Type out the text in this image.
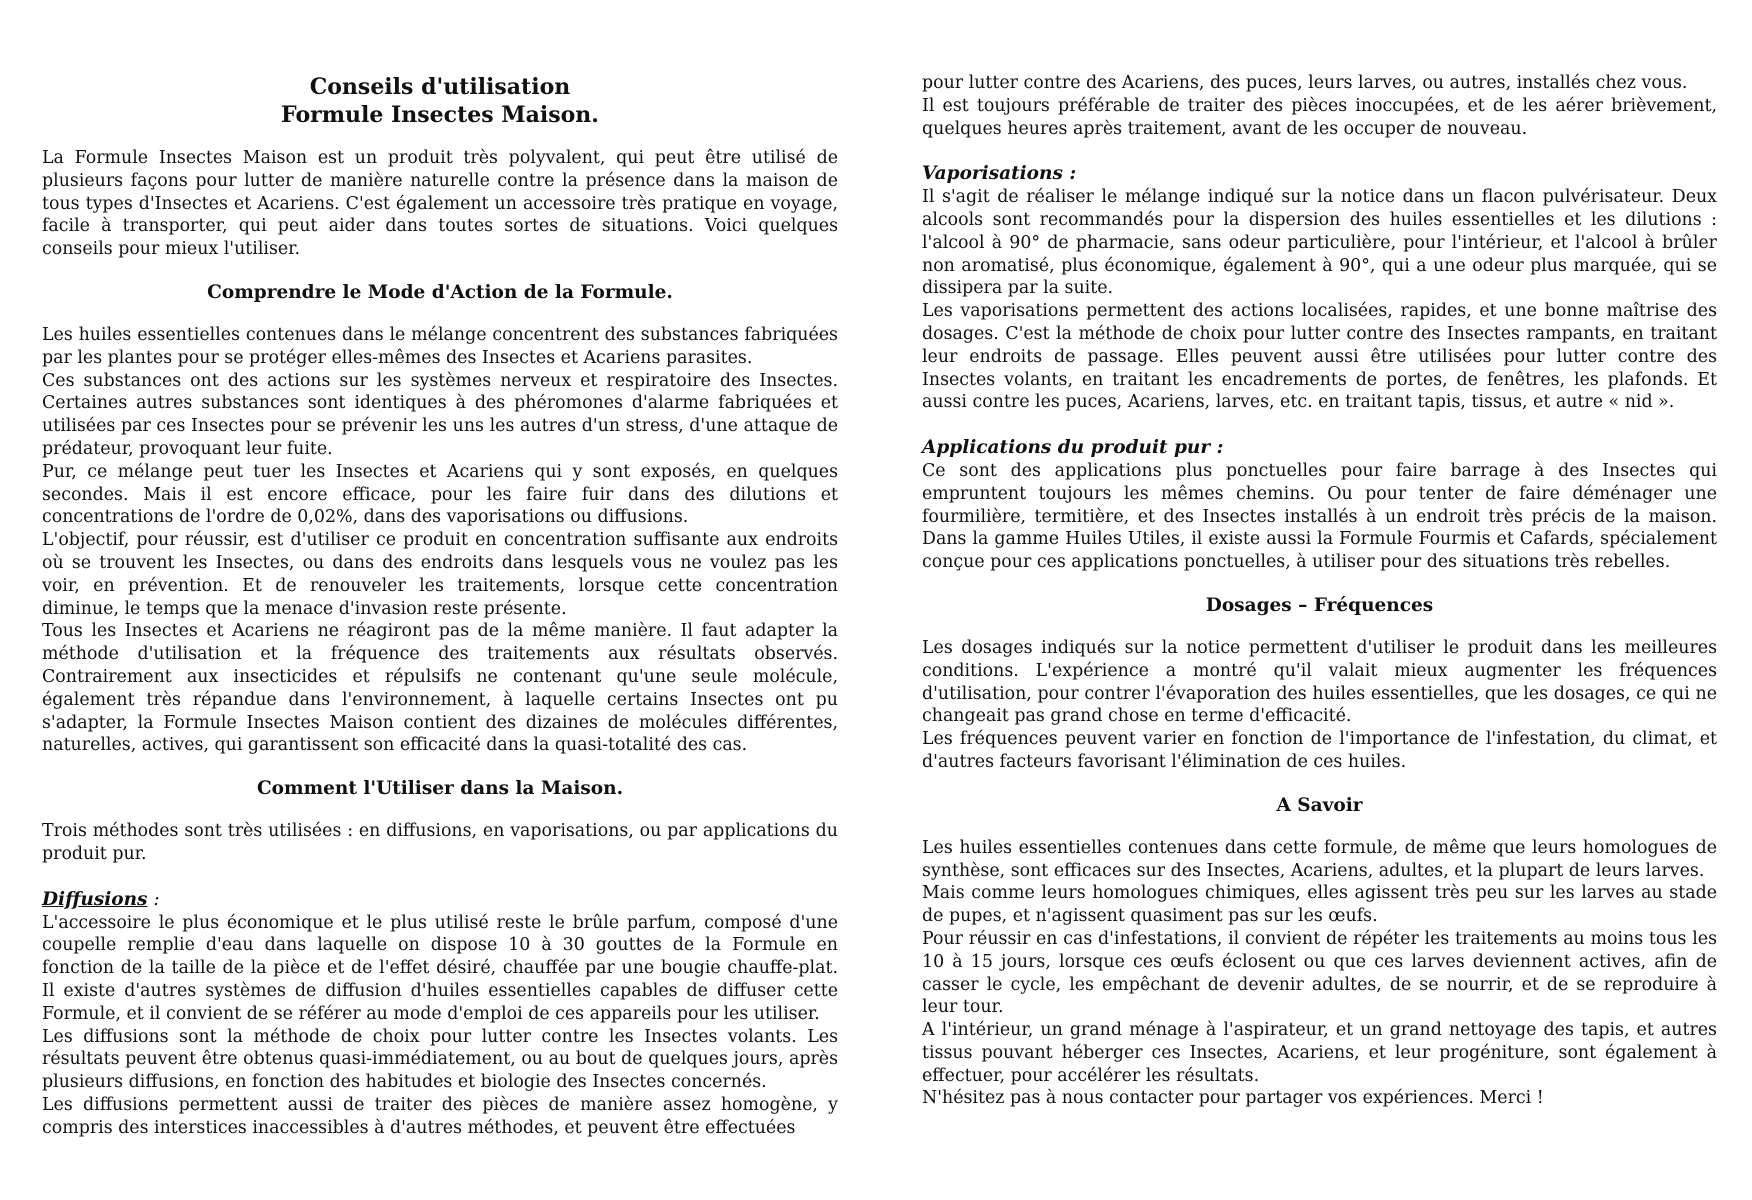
Conseils d'utilisation
Formule Insectes Maison.

La Formule Insectes Maison est un produit très polyvalent, qui peut être utilisé de plusieurs façons pour lutter de manière naturelle contre la présence dans la maison de tous types d'Insectes et Acariens. C'est également un accessoire très pratique en voyage, facile à transporter, qui peut aider dans toutes sortes de situations. Voici quelques conseils pour mieux l'utiliser.

Comprendre le Mode d'Action de la Formule.

Les huiles essentielles contenues dans le mélange concentrent des substances fabriquées par les plantes pour se protéger elles-mêmes des Insectes et Acariens parasites.

Ces substances ont des actions sur les systèmes nerveux et respiratoire des Insectes. Certaines autres substances sont identiques à des phéromones d'alarme fabriquées et utilisées par ces Insectes pour se prévenir les uns les autres d'un stress, d'une attaque de prédateur, provoquant leur fuite.

Pur, ce mélange peut tuer les Insectes et Acariens qui y sont exposés, en quelques secondes. Mais il est encore efficace, pour les faire fuir dans des dilutions et concentrations de l'ordre de 0,02%, dans des vaporisations ou diffusions.

L'objectif, pour réussir, est d'utiliser ce produit en concentration suffisante aux endroits où se trouvent les Insectes, ou dans des endroits dans lesquels vous ne voulez pas les voir, en prévention. Et de renouveler les traitements, lorsque cette concentration diminue, le temps que la menace d'invasion reste présente.

Tous les Insectes et Acariens ne réagiront pas de la même manière. Il faut adapter la méthode d'utilisation et la fréquence des traitements aux résultats observés. Contrairement aux insecticides et répulsifs ne contenant qu'une seule molécule, également très répandue dans l'environnement, à laquelle certains Insectes ont pu s'adapter, la Formule Insectes Maison contient des dizaines de molécules différentes, naturelles, actives, qui garantissent son efficacité dans la quasi-totalité des cas.

Comment l'Utiliser dans la Maison.

Trois méthodes sont très utilisées : en diffusions, en vaporisations, ou par applications du produit pur.

Diffusions :

L'accessoire le plus économique et le plus utilisé reste le brûle parfum, composé d'une coupelle remplie d'eau dans laquelle on dispose 10 à 30 gouttes de la Formule en fonction de la taille de la pièce et de l'effet désiré, chauffée par une bougie chauffe-plat. Il existe d'autres systèmes de diffusion d'huiles essentielles capables de diffuser cette Formule, et il convient de se référer au mode d'emploi de ces appareils pour les utiliser.

Les diffusions sont la méthode de choix pour lutter contre les Insectes volants. Les résultats peuvent être obtenus quasi-immédiatement, ou au bout de quelques jours, après plusieurs diffusions, en fonction des habitudes et biologie des Insectes concernés.

Les diffusions permettent aussi de traiter des pièces de manière assez homogène, y compris des interstices inaccessibles à d'autres méthodes, et peuvent être effectuées

pour lutter contre des Acariens, des puces, leurs larves, ou autres, installés chez vous.

Il est toujours préférable de traiter des pièces inoccupées, et de les aérer brièvement, quelques heures après traitement, avant de les occuper de nouveau.

Vaporisations :

Il s'agit de réaliser le mélange indiqué sur la notice dans un flacon pulvérisateur. Deux alcools sont recommandés pour la dispersion des huiles essentielles et les dilutions : l'alcool à 90° de pharmacie, sans odeur particulière, pour l'intérieur, et l'alcool à brûler non aromatisé, plus économique, également à 90°, qui a une odeur plus marquée, qui se dissipera par la suite.

Les vaporisations permettent des actions localisées, rapides, et une bonne maîtrise des dosages. C'est la méthode de choix pour lutter contre des Insectes rampants, en traitant leur endroits de passage. Elles peuvent aussi être utilisées pour lutter contre des Insectes volants, en traitant les encadrements de portes, de fenêtres, les plafonds. Et aussi contre les puces, Acariens, larves, etc. en traitant tapis, tissus, et autre « nid ».

Applications du produit pur :

Ce sont des applications plus ponctuelles pour faire barrage à des Insectes qui empruntent toujours les mêmes chemins. Ou pour tenter de faire déménager une fourmilière, termitière, et des Insectes installés à un endroit très précis de la maison. Dans la gamme Huiles Utiles, il existe aussi la Formule Fourmis et Cafards, spécialement conçue pour ces applications ponctuelles, à utiliser pour des situations très rebelles.

Dosages – Fréquences

Les dosages indiqués sur la notice permettent d'utiliser le produit dans les meilleures conditions. L'expérience a montré qu'il valait mieux augmenter les fréquences d'utilisation, pour contrer l'évaporation des huiles essentielles, que les dosages, ce qui ne changeait pas grand chose en terme d'efficacité.

Les fréquences peuvent varier en fonction de l'importance de l'infestation, du climat, et d'autres facteurs favorisant l'élimination de ces huiles.

A Savoir

Les huiles essentielles contenues dans cette formule, de même que leurs homologues de synthèse, sont efficaces sur des Insectes, Acariens, adultes, et la plupart de leurs larves.

Mais comme leurs homologues chimiques, elles agissent très peu sur les larves au stade de pupes, et n'agissent quasiment pas sur les œufs.

Pour réussir en cas d'infestations, il convient de répéter les traitements au moins tous les 10 à 15 jours, lorsque ces œufs éclosent ou que ces larves deviennent actives, afin de casser le cycle, les empêchant de devenir adultes, de se nourrir, et de se reproduire à leur tour.

A l'intérieur, un grand ménage à l'aspirateur, et un grand nettoyage des tapis, et autres tissus pouvant héberger ces Insectes, Acariens, et leur progéniture, sont également à effectuer, pour accélérer les résultats.

N'hésitez pas à nous contacter pour partager vos expériences. Merci !
